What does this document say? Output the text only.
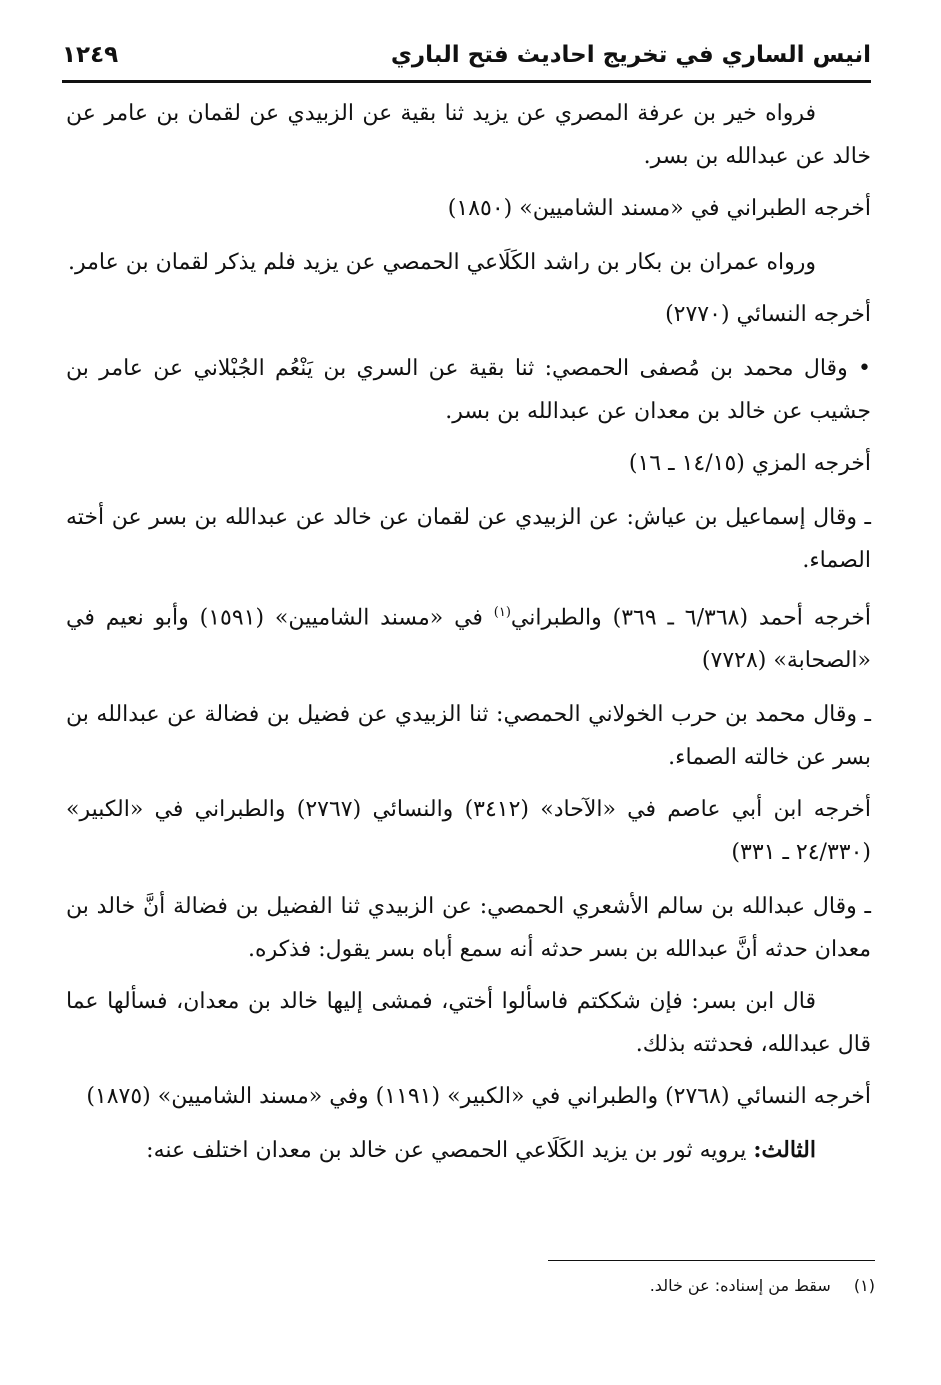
انيس الساري في تخريج احاديث فتح الباري
١٢٤٩

فرواه خير بن عرفة المصري عن يزيد ثنا بقية عن الزبيدي عن لقمان بن عامر عن خالد عن عبدالله بن بسر.

أخرجه الطبراني في «مسند الشاميين» (١٨٥٠)

ورواه عمران بن بكار بن راشد الكَلَاعي الحمصي عن يزيد فلم يذكر لقمان بن عامر.

أخرجه النسائي (٢٧٧٠)

• وقال محمد بن مُصفى الحمصي: ثنا بقية عن السري بن يَنْعُم الجُبْلاني عن عامر بن جشيب عن خالد بن معدان عن عبدالله بن بسر.

أخرجه المزي (١٤/١٥ ـ ١٦)

ـ وقال إسماعيل بن عياش: عن الزبيدي عن لقمان عن خالد عن عبدالله بن بسر عن أخته الصماء.

أخرجه أحمد (٦/٣٦٨ ـ ٣٦٩) والطبراني$^{(١)}$ في «مسند الشاميين» (١٥٩١) وأبو نعيم في «الصحابة» (٧٧٢٨)

ـ وقال محمد بن حرب الخولاني الحمصي: ثنا الزبيدي عن فضيل بن فضالة عن عبدالله بن بسر عن خالته الصماء.

أخرجه ابن أبي عاصم في «الآحاد» (٣٤١٢) والنسائي (٢٧٦٧) والطبراني في «الكبير» (٢٤/٣٣٠ ـ ٣٣١)

ـ وقال عبدالله بن سالم الأشعري الحمصي: عن الزبيدي ثنا الفضيل بن فضالة أنَّ خالد بن معدان حدثه أنَّ عبدالله بن بسر حدثه أنه سمع أباه بسر يقول: فذكره.

قال ابن بسر: فإن شككتم فاسألوا أختي، فمشى إليها خالد بن معدان، فسألها عما قال عبدالله، فحدثته بذلك.

أخرجه النسائي (٢٧٦٨) والطبراني في «الكبير» (١١٩١) وفي «مسند الشاميين» (١٨٧٥)

الثالث: يرويه ثور بن يزيد الكَلَاعي الحمصي عن خالد بن معدان اختلف عنه:

(١) سقط من إسناده: عن خالد.
